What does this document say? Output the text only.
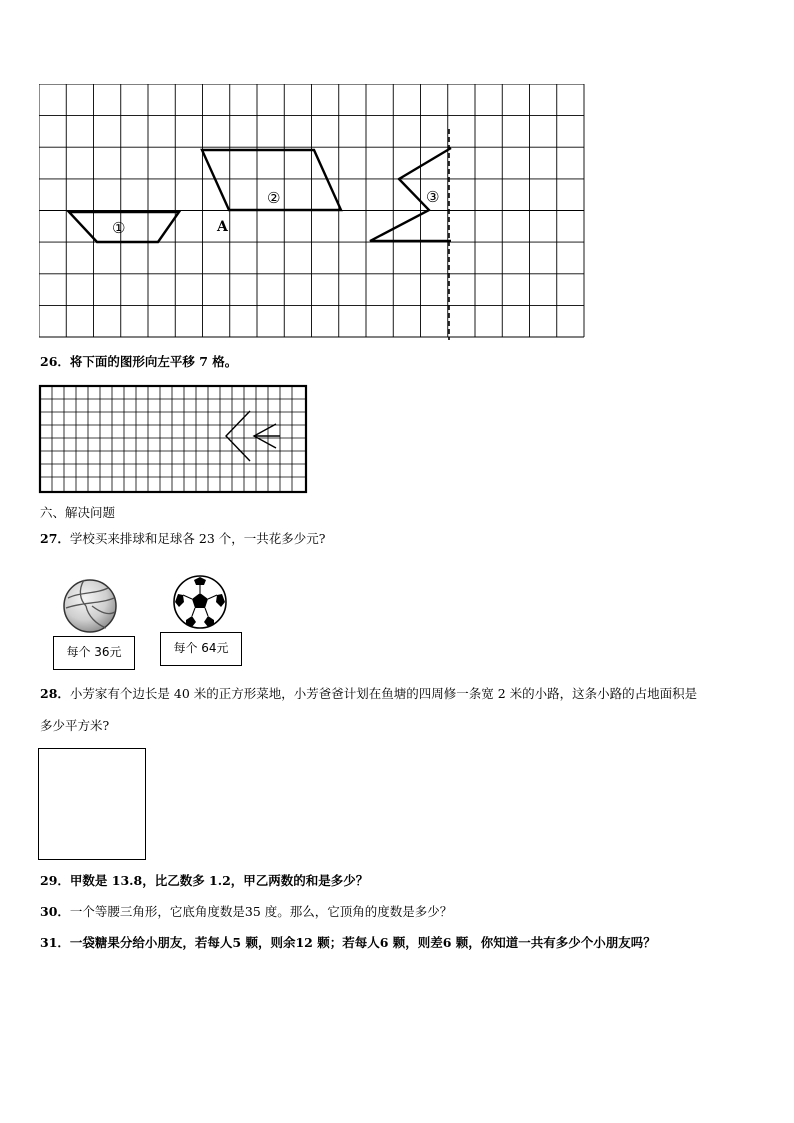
①
②	③
A
26．将下面的图形向左平移 7 格。
六、解决问题
27．学校买来排球和足球各 23 个，一共花多少元?
每个 36元	每个 64元
28．小芳家有个边长是 40 米的正方形菜地，小芳爸爸计划在鱼塘的四周修一条宽 2 米的小路，这条小路的占地面积是
多少平方米?
29．甲数是 13.8，比乙数多 1.2，甲乙两数的和是多少？
30．一个等腰三角形，它底角度数是35 度。那么，它顶角的度数是多少？
31．一袋糖果分给小朋友，若每人5 颗，则余12 颗；若每人6 颗，则差6 颗，你知道一共有多少个小朋友吗？
